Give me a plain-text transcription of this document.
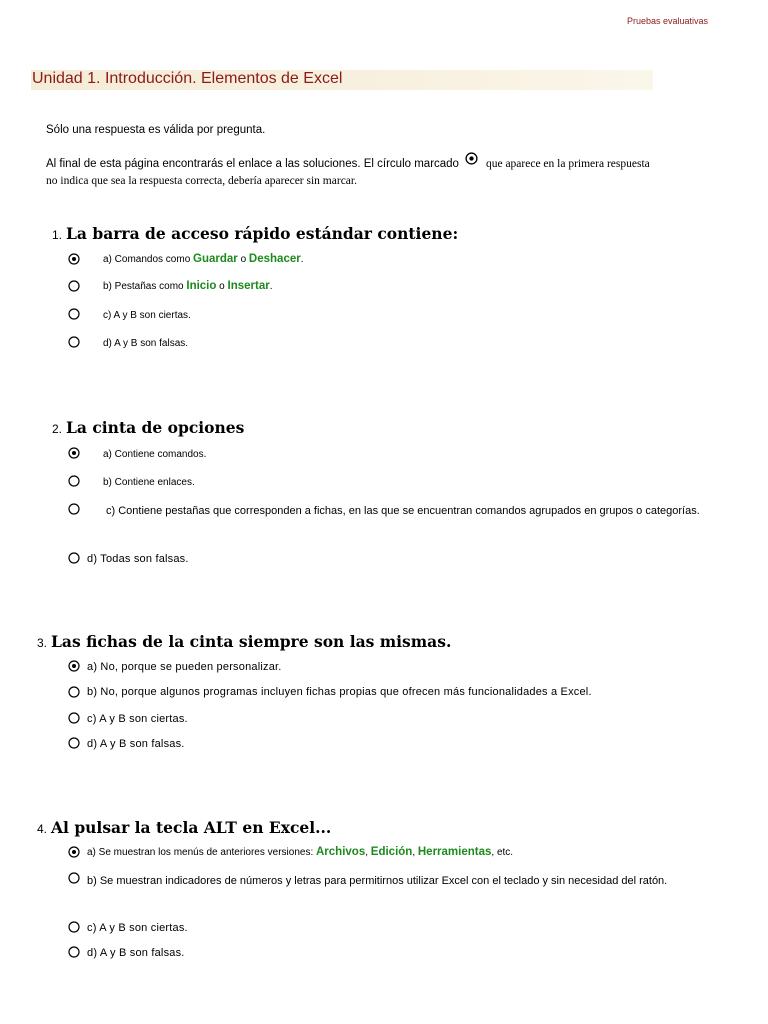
Pruebas evaluativas
Unidad 1. Introducción. Elementos de Excel
Sólo una respuesta es válida por pregunta.
Al final de esta página encontrarás el enlace a las soluciones. El círculo marcado que aparece en la primera respuesta
no indica que sea la respuesta correcta, debería aparecer sin marcar.
1. La barra de acceso rápido estándar contiene:
a) Comandos como Guardar o Deshacer.
b) Pestañas como Inicio o Insertar.
c) A y B son ciertas.
d) A y B son falsas.
2. La cinta de opciones
a) Contiene comandos.
b) Contiene enlaces.
c) Contiene pestañas que corresponden a fichas, en las que se encuentran comandos agrupados en grupos o categorías.
d) Todas son falsas.
3. Las fichas de la cinta siempre son las mismas.
a) No, porque se pueden personalizar.
b) No, porque algunos programas incluyen fichas propias que ofrecen más funcionalidades a Excel.
c) A y B son ciertas.
d) A y B son falsas.
4. Al pulsar la tecla ALT en Excel...
a) Se muestran los menús de anteriores versiones: Archivos, Edición, Herramientas, etc.
b) Se muestran indicadores de números y letras para permitirnos utilizar Excel con el teclado y sin necesidad del ratón.
c) A y B son ciertas.
d) A y B son falsas.
